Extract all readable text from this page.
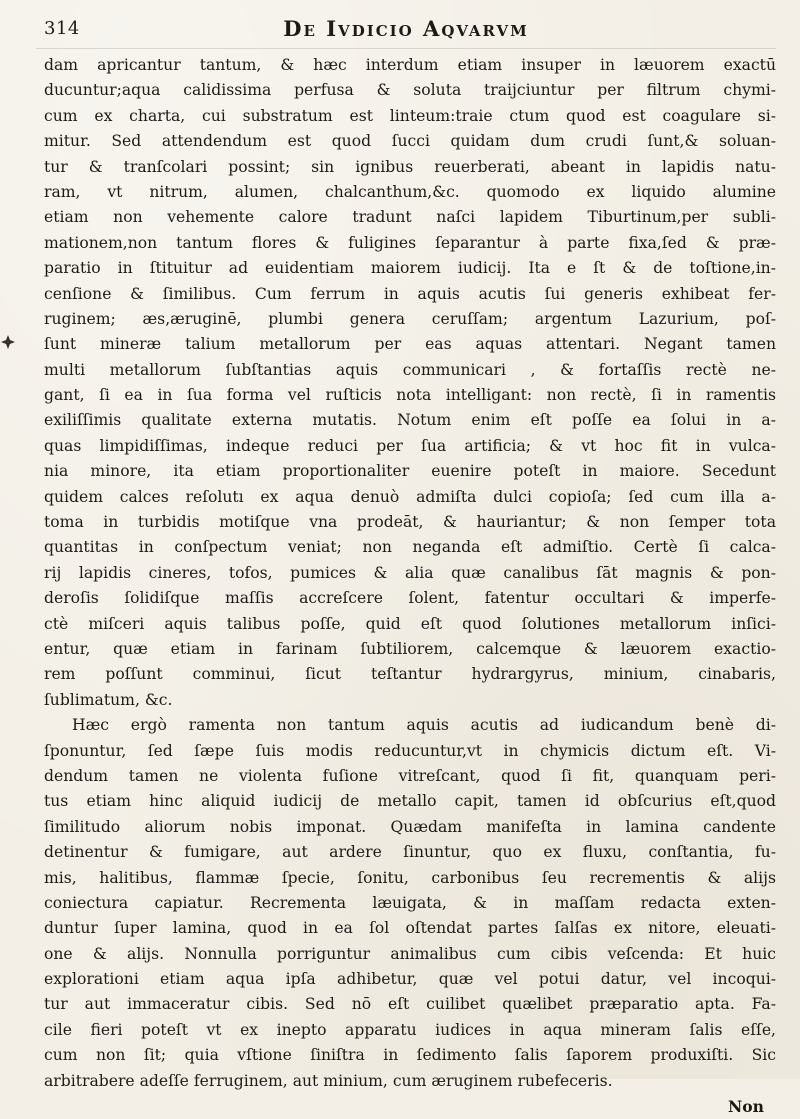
314	De Ivdicio Aqvarvm
dam apricantur tantum, & hæc interdum etiam insuper in læuorem exactū
ducuntur;aqua calidissima perfusa & soluta traijciuntur per filtrum chymi-
cum ex charta, cui substratum est linteum:traie ctum quod est coagulare si-
mitur. Sed attendendum est quod ſucci quidam dum crudi ſunt,& soluan-
tur & tranſcolari possint; sin ignibus reuerberati, abeant in lapidis natu-
ram, vt nitrum, alumen, chalcanthum,&c. quomodo ex liquido alumine
etiam non vehemente calore tradunt naſci lapidem Tiburtinum,per subli-
mationem,non tantum flores & fuligines ſeparantur à parte fixa,ſed & præ-
paratio in ſtituitur ad euidentiam maiorem iudicij. Ita e ſt & de toſtione,in-
cenſione & ſimilibus. Cum ferrum in aquis acutis ſui generis exhibeat fer-
ruginem; æs,æruginē, plumbi genera ceruſſam; argentum Lazurium, poſ-
ſunt mineræ talium metallorum per eas aquas attentari. Negant tamen
multi metallorum ſubſtantias aquis communicari , & fortaſſis rectè ne-
gant, ſi ea in ſua forma vel ruſticis nota intelligant: non rectè, ſi in ramentis
exiliſſimis qualitate externa mutatis. Notum enim eſt poſſe ea ſolui in a-
quas limpidiſſimas, indeque reduci per ſua artificia; & vt hoc fit in vulca-
nia minore, ita etiam proportionaliter euenire poteſt in maiore. Secedunt
quidem calces reſolutı ex aqua denuò admiſta dulci copioſa; ſed cum illa a-
toma in turbidis motiſque vna prodeāt, & hauriantur; & non ſemper tota
quantitas in conſpectum veniat; non neganda eſt admiſtio. Certè ſi calca-
rij lapidis cineres, tofos, pumices & alia quæ canalibus ſāt magnis & pon-
deroſis ſolidiſque maſſis accreſcere ſolent, fatentur occultari & imperfe-
ctè miſceri aquis talibus poſſe, quid eſt quod ſolutiones metallorum inſici-
entur, quæ etiam in farinam ſubtiliorem, calcemque & læuorem exactio-
rem poſſunt comminui, ſicut teſtantur hydrargyrus, minium, cinabaris,
ſublimatum, &c.
Hæc ergò ramenta non tantum aquis acutis ad iudicandum benè di-
ſponuntur, ſed ſæpe ſuis modis reducuntur,vt in chymicis dictum eſt. Vi-
dendum tamen ne violenta fuſione vitreſcant, quod ſi fit, quanquam peri-
tus etiam hinc aliquid iudicij de metallo capit, tamen id obſcurius eſt,quod
ſimilitudo aliorum nobis imponat. Quædam manifeſta in lamina candente
detinentur & fumigare, aut ardere ſinuntur, quo ex fluxu, conſtantia, fu-
mis, halitibus, flammæ ſpecie, ſonitu, carbonibus ſeu recrementis & alijs
coniectura capiatur. Recrementa læuigata, & in maſſam redacta exten-
duntur ſuper lamina, quod in ea ſol oſtendat partes ſalſas ex nitore, eleuati-
one & alijs. Nonnulla porriguntur animalibus cum cibis veſcenda: Et huic
explorationi etiam aqua ipſa adhibetur, quæ vel potui datur, vel incoqui-
tur aut immaceratur cibis. Sed nō eſt cuilibet quælibet præparatio apta. Fa-
cile fieri poteſt vt ex inepto apparatu iudices in aqua mineram ſalis eſſe,
cum non ſit; quia vſtione ſiniſtra in ſedimento ſalis ſaporem produxiſti. Sic
arbitrabere adeſſe ferruginem, aut minium, cum æruginem rubefeceris.
Non
